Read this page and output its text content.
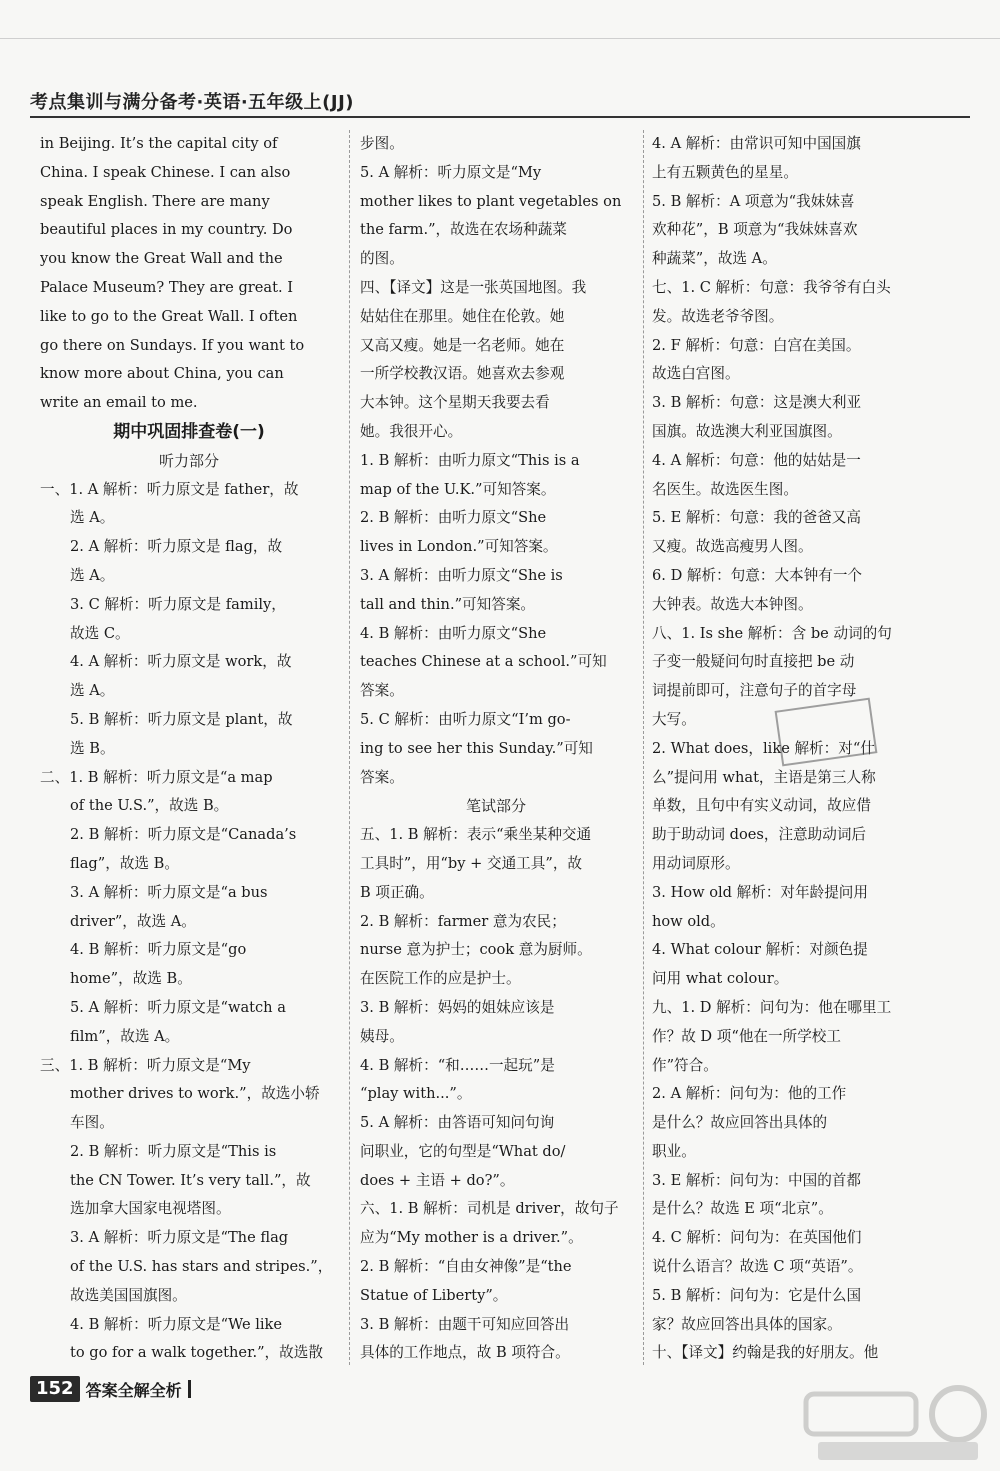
考点集训与满分备考·英语·五年级上(JJ)
in Beijing. It’s the capital city of
China. I speak Chinese. I can also
speak English. There are many
beautiful places in my country. Do
you know the Great Wall and the
Palace Museum? They are great. I
like to go to the Great Wall. I often
go there on Sundays. If you want to
know more about China, you can
write an email to me.
期中巩固排查卷(一)
听力部分
一、1. A 解析：听力原文是 father，故
选 A。
2. A 解析：听力原文是 flag，故
选 A。
3. C 解析：听力原文是 family，
故选 C。
4. A 解析：听力原文是 work，故
选 A。
5. B 解析：听力原文是 plant，故
选 B。
二、1. B 解析：听力原文是“a map
of the U.S.”，故选 B。
2. B 解析：听力原文是“Canada’s
flag”，故选 B。
3. A 解析：听力原文是“a bus
driver”，故选 A。
4. B 解析：听力原文是“go
home”，故选 B。
5. A 解析：听力原文是“watch a
film”，故选 A。
三、1. B 解析：听力原文是“My
mother drives to work.”，故选小轿
车图。
2. B 解析：听力原文是“This is
the CN Tower. It’s very tall.”，故
选加拿大国家电视塔图。
3. A 解析：听力原文是“The flag
of the U.S. has stars and stripes.”，
故选美国国旗图。
4. B 解析：听力原文是“We like
to go for a walk together.”，故选散
步图。
5. A 解析：听力原文是“My
mother likes to plant vegetables on
the farm.”，故选在农场种蔬菜
的图。
四、【译文】这是一张英国地图。我
姑姑住在那里。她住在伦敦。她
又高又瘦。她是一名老师。她在
一所学校教汉语。她喜欢去参观
大本钟。这个星期天我要去看
她。我很开心。
1. B 解析：由听力原文“This is a
map of the U.K.”可知答案。
2. B 解析：由听力原文“She
lives in London.”可知答案。
3. A 解析：由听力原文“She is
tall and thin.”可知答案。
4. B 解析：由听力原文“She
teaches Chinese at a school.”可知
答案。
5. C 解析：由听力原文“I’m go-
ing to see her this Sunday.”可知
答案。
笔试部分
五、1. B 解析：表示“乘坐某种交通
工具时”，用“by + 交通工具”，故
B 项正确。
2. B 解析：farmer 意为农民；
nurse 意为护士；cook 意为厨师。
在医院工作的应是护士。
3. B 解析：妈妈的姐妹应该是
姨母。
4. B 解析：“和……一起玩”是
“play with...”。
5. A 解析：由答语可知问句询
问职业，它的句型是“What do/
does + 主语 + do?”。
六、1. B 解析：司机是 driver，故句子
应为“My mother is a driver.”。
2. B 解析：“自由女神像”是“the
Statue of Liberty”。
3. B 解析：由题干可知应回答出
具体的工作地点，故 B 项符合。
4. A 解析：由常识可知中国国旗
上有五颗黄色的星星。
5. B 解析：A 项意为“我妹妹喜
欢种花”，B 项意为“我妹妹喜欢
种蔬菜”，故选 A。
七、1. C 解析：句意：我爷爷有白头
发。故选老爷爷图。
2. F 解析：句意：白宫在美国。
故选白宫图。
3. B 解析：句意：这是澳大利亚
国旗。故选澳大利亚国旗图。
4. A 解析：句意：他的姑姑是一
名医生。故选医生图。
5. E 解析：句意：我的爸爸又高
又瘦。故选高瘦男人图。
6. D 解析：句意：大本钟有一个
大钟表。故选大本钟图。
八、1. Is she 解析：含 be 动词的句
子变一般疑问句时直接把 be 动
词提前即可，注意句子的首字母
大写。
2. What does，like 解析：对“什
么”提问用 what，主语是第三人称
单数，且句中有实义动词，故应借
助于助动词 does，注意助动词后
用动词原形。
3. How old 解析：对年龄提问用
how old。
4. What colour 解析：对颜色提
问用 what colour。
九、1. D 解析：问句为：他在哪里工
作？故 D 项“他在一所学校工
作”符合。
2. A 解析：问句为：他的工作
是什么？故应回答出具体的
职业。
3. E 解析：问句为：中国的首都
是什么？故选 E 项“北京”。
4. C 解析：问句为：在英国他们
说什么语言？故选 C 项“英语”。
5. B 解析：问句为：它是什么国
家？故应回答出具体的国家。
十、【译文】约翰是我的好朋友。他
152 答案全解全析
